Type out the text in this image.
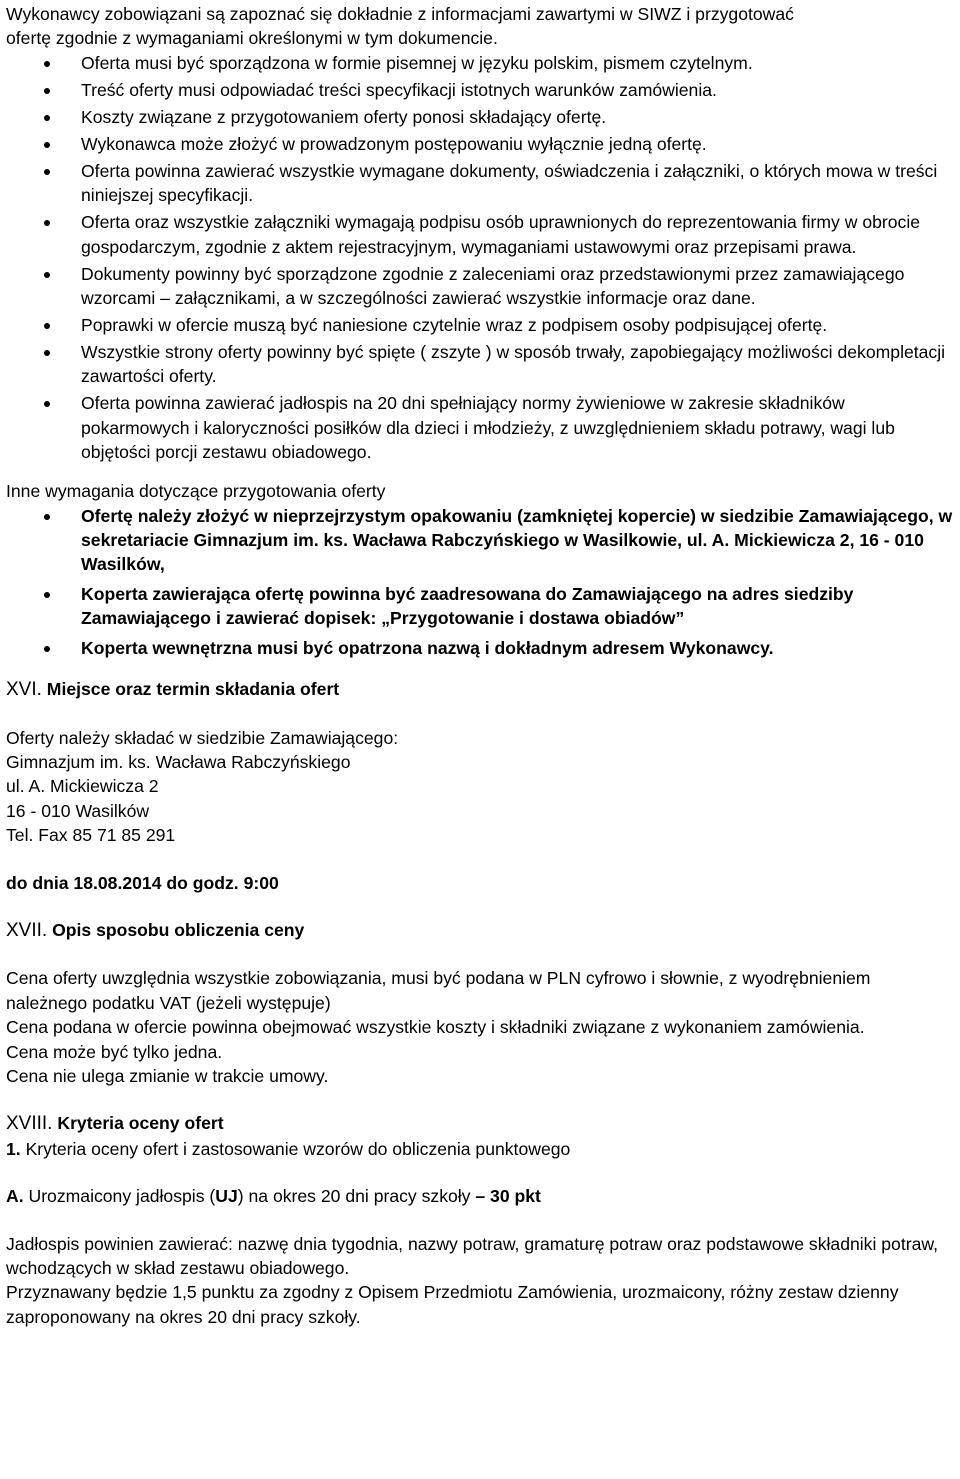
Wykonawcy zobowiązani są zapoznać się dokładnie z informacjami zawartymi w SIWZ i przygotować

ofertę zgodnie z wymaganiami określonymi w tym dokumencie.

Oferta musi być sporządzona w formie pisemnej w języku polskim, pismem czytelnym.
Treść oferty musi odpowiadać treści specyfikacji istotnych warunków zamówienia.
Koszty związane z przygotowaniem oferty ponosi składający ofertę.
Wykonawca może złożyć w prowadzonym postępowaniu wyłącznie jedną ofertę.
Oferta powinna zawierać wszystkie wymagane dokumenty, oświadczenia i załączniki, o których mowa w treści niniejszej specyfikacji.
Oferta oraz wszystkie załączniki wymagają podpisu osób uprawnionych do reprezentowania firmy w obrocie gospodarczym, zgodnie z aktem rejestracyjnym, wymaganiami ustawowymi oraz przepisami prawa.
Dokumenty powinny być sporządzone zgodnie z zaleceniami oraz przedstawionymi przez zamawiającego wzorcami – załącznikami, a w szczególności zawierać wszystkie informacje oraz dane.
Poprawki w ofercie muszą być naniesione czytelnie wraz z podpisem osoby podpisującej ofertę.
Wszystkie strony oferty powinny być spięte ( zszyte ) w sposób trwały, zapobiegający możliwości dekompletacji zawartości oferty.
Oferta powinna zawierać jadłospis na 20 dni spełniający normy żywieniowe w zakresie składników pokarmowych i kaloryczności posiłków dla dzieci i młodzieży, z uwzględnieniem składu potrawy, wagi lub objętości porcji zestawu obiadowego.

Inne wymagania dotyczące przygotowania oferty

Ofertę należy złożyć w nieprzejrzystym opakowaniu (zamkniętej kopercie) w siedzibie Zamawiającego, w sekretariacie Gimnazjum im. ks. Wacława Rabczyńskiego w Wasilkowie, ul. A. Mickiewicza 2, 16 - 010 Wasilków,
Koperta zawierająca ofertę powinna być zaadresowana do Zamawiającego na adres siedziby Zamawiającego i zawierać dopisek: „Przygotowanie i dostawa obiadów”
Koperta wewnętrzna musi być opatrzona nazwą i dokładnym adresem Wykonawcy.

XVI. Miejsce oraz termin składania ofert

Oferty należy składać w siedzibie Zamawiającego:

Gimnazjum im. ks. Wacława Rabczyńskiego

ul. A. Mickiewicza 2

16 - 010 Wasilków

Tel. Fax 85 71 85 291

do dnia 18.08.2014 do godz. 9:00

XVII. Opis sposobu obliczenia ceny

Cena oferty uwzględnia wszystkie zobowiązania, musi być podana w PLN cyfrowo i słownie, z wyodrębnieniem należnego podatku VAT (jeżeli występuje)

Cena podana w ofercie powinna obejmować wszystkie koszty i składniki związane z wykonaniem zamówienia.

Cena może być tylko jedna.

Cena nie ulega zmianie w trakcie umowy.

XVIII. Kryteria oceny ofert

1. Kryteria oceny ofert i zastosowanie wzorów do obliczenia punktowego

A. Urozmaicony jadłospis (UJ) na okres 20 dni pracy szkoły – 30 pkt

Jadłospis powinien zawierać: nazwę dnia tygodnia, nazwy potraw, gramaturę potraw oraz podstawowe składniki potraw, wchodzących w skład zestawu obiadowego.

Przyznawany będzie 1,5 punktu za zgodny z Opisem Przedmiotu Zamówienia, urozmaicony, różny zestaw dzienny zaproponowany na okres 20 dni pracy szkoły.
